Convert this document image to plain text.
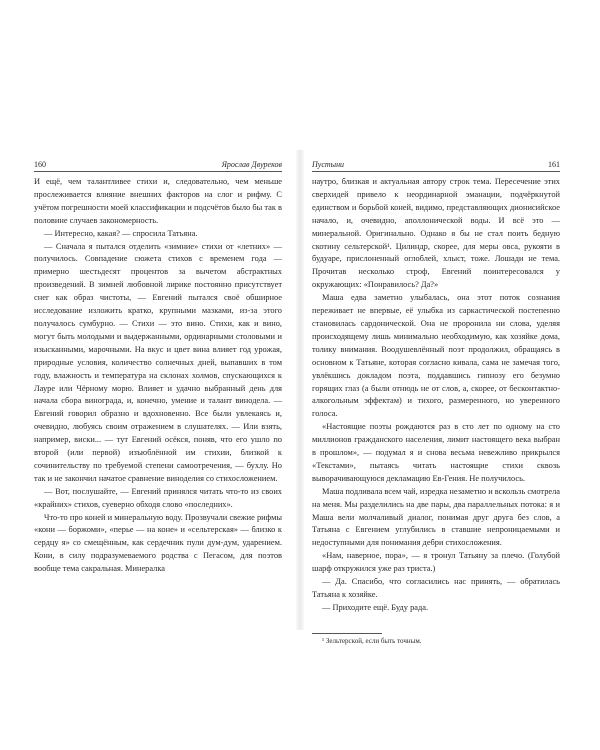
160	Ярослав Двуреков

И ещё, чем талантливее стихи и, следовательно, чем меньше прослеживается влияние внешних факторов на слог и рифму. С учётом погрешности моей классификации и подсчётов было бы так в половине случаев закономерность.

— Интересно, какая? — спросила Татьяна.

— Сначала я пытался отделить «зимние» стихи от «летних» — получилось. Совпадение сюжета стихов с временем года — примерно шестьдесят процентов за вычетом абстрактных произведений. В зимней любовной лирике постоянно присутствует снег как образ чистоты, — Евгений пытался своё обширное исследование изложить кратко, крупными мазками, из-за этого получалось сумбурно. — Стихи — это вино. Стихи, как и вино, могут быть молодыми и выдержанными, ординарными столовыми и изысканными, марочными. На вкус и цвет вина влияет год урожая, природные условия, количество солнечных дней, выпавших в том году, влажность и температура на склонах холмов, спускающихся к Лауре или Чёрному морю. Влияет и удачно выбранный день для начала сбора винограда, и, конечно, умение и талант винодела. — Евгений говорил образно и вдохновенно. Все были увлекаясь и, очевидно, любуясь своим отражением в слушателях. — Или взять, например, виски... — тут Евгений осёкся, поняв, что его ушло по второй (или первой) изъюблённой им стихии, близкой к сочинительству по требуемой степени самоотречения, — бухлу. Но так и не закончил начатое сравнение виноделия со стихосложением.

— Вот, послушайте, — Евгений принялся читать что-то из своих «крайних» стихов, суеверно обходя слово «последних».

Что-то про коней и минеральную воду. Прозвучали свежие рифмы «кони — боржоми», «перье — на коне» и «сельтерская» — близко к сердцу я» со смещённым, как сердечник пули дум-дум, ударением. Кони, в силу подразумеваемого родства с Пегасом, для поэтов вообще тема сакральная. Минералка

Пустыни	161

наутро, близкая и актуальная автору строк тема. Пересечение этих сверхидей привело к неординарной эманации, подчёркнутой единством и борьбой коней, видимо, представляющих дионисийское начало, и, очевидно, аполлонической воды. И всё это — минеральной. Оригинально. Однако я бы не стал поить бедную скотину сельтерской¹. Цилиндр, скорее, для меры овса, рукояти в будуаре, прислоненный оглоблей, хлыст, тоже. Лошади не тема. Прочитав несколько строф, Евгений поинтересовался у окружающих: «Понравилось? Да?»

Маша едва заметно улыбалась, она этот поток сознания переживает не впервые, её улыбка из саркастической постепенно становилась сардонической. Она не проронила ни слова, уделяя происходящему лишь минимально необходимую, как хозяйке дома, толику внимания. Воодушевлённый поэт продолжил, обращаясь в основном к Татьяне, которая согласно кивала, сама не замечая того, увлёкшись докладом поэта, поддавшись гипнозу его безумно горящих глаз (а были отнюдь не от слов, а, скорее, от бесконтактно-алкогольным эффектам) и тихого, размеренного, но уверенного голоса.

«Настоящие поэты рождаются раз в сто лет по одному на сто миллионов гражданского населения, лимит настоящего века выбран в прошлом», — подумал я и снова весьма невежливо прикрылся «Текстами», пытаясь читать настоящие стихи сквозь выворачивающуюся декламацию Ев-Гения. Не получилось.

Маша подливала всем чай, изредка незаметно и вскользь смотрела на меня. Мы разделились на две пары, два параллельных потока: я и Маша вели молчаливый диалог, понимая друг друга без слов, а Татьяна с Евгением углубились в ставшие непроницаемыми и недоступными для понимания дебри стихосложения.

«Нам, наверное, пора», — я тронул Татьяну за плечо. (Голубой шарф откружился уже раз триста.)

— Да. Спасибо, что согласились нас принять, — обратилась Татьяна к хозяйке.

— Приходите ещё. Буду рада.

¹ Зельтерской, если быть точным.
